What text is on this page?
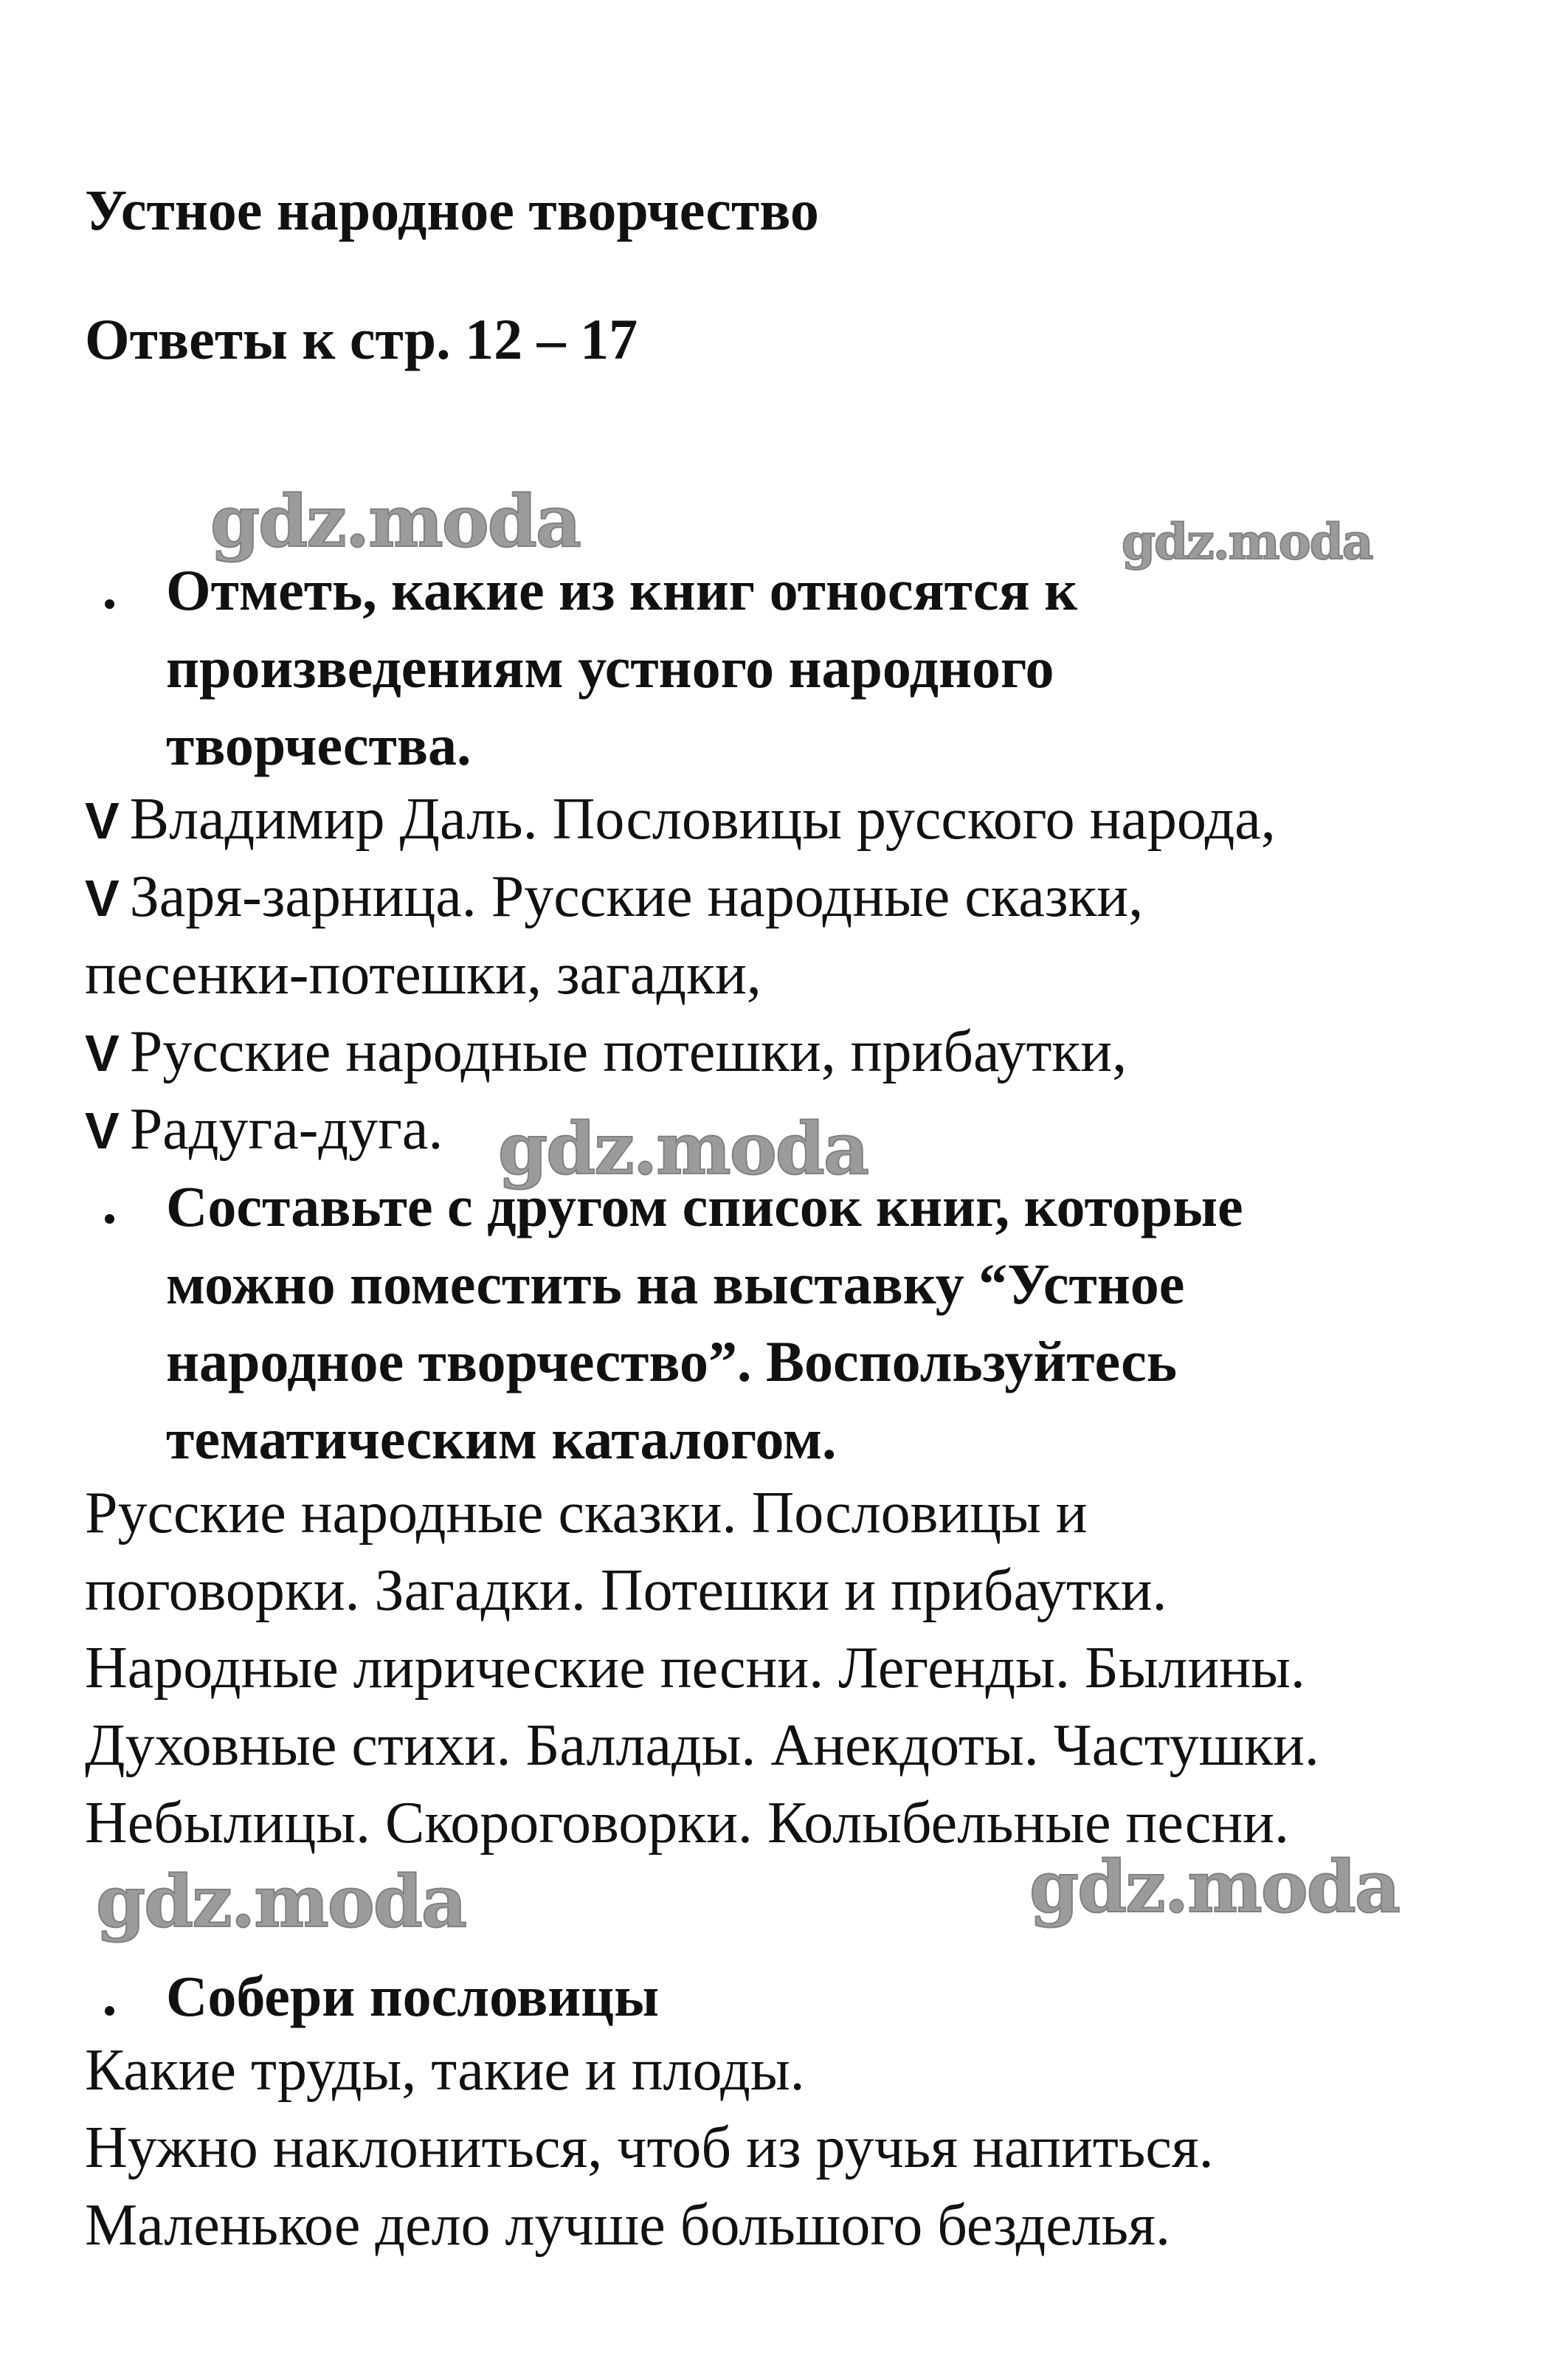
Устное народное творчество
Ответы к стр. 12 – 17
gdz.moda	gdz.moda
gdz.moda
gdz.moda	gdz.moda
Отметь, какие из книг относятся к
произведениям устного народного
творчества.
V Владимир Даль. Пословицы русского народа,
V Заря-зарница. Русские народные сказки,
песенки-потешки, загадки,
V Русские народные потешки, прибаутки,
V Радуга-дуга.
Составьте с другом список книг, которые
можно поместить на выставку “Устное
народное творчество”. Воспользуйтесь
тематическим каталогом.
Русские народные сказки. Пословицы и
поговорки. Загадки. Потешки и прибаутки.
Народные лирические песни. Легенды. Былины.
Духовные стихи. Баллады. Анекдоты. Частушки.
Небылицы. Скороговорки. Колыбельные песни.
Собери пословицы
Какие труды, такие и плоды.
Нужно наклониться, чтоб из ручья напиться.
Маленькое дело лучше большого безделья.
